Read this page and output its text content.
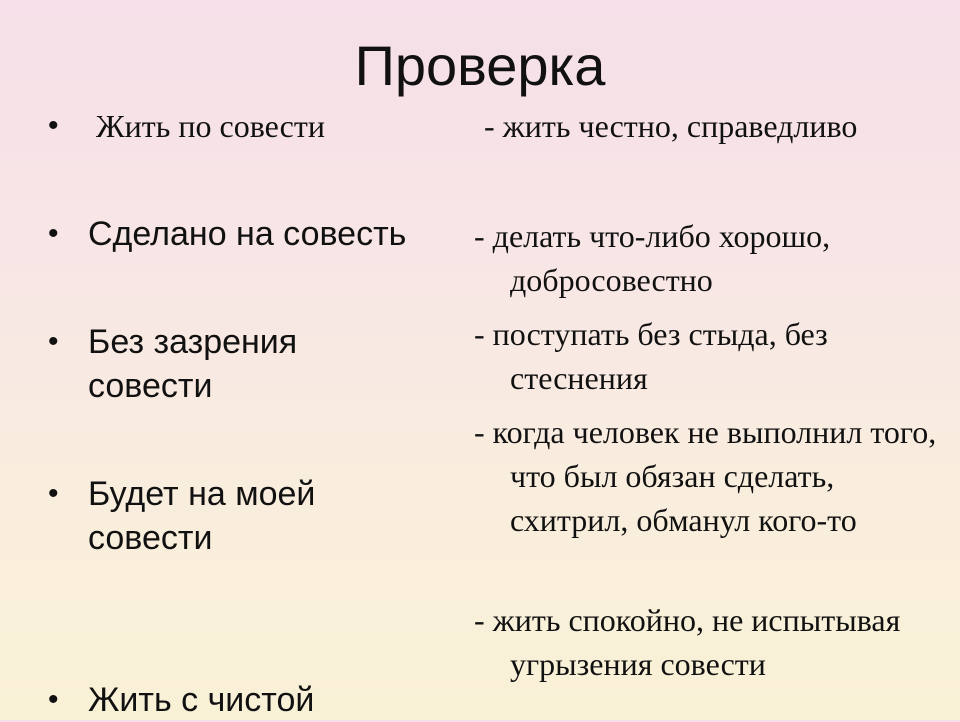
Проверка
• Жить по совести	- жить честно, справедливо
• Сделано на совесть - делать что-либо хорошо, добросовестно
• Без зазрения
совести
- поступать без стыда, без стеснения
• Будет на моей
совести
- когда человек не выполнил того, что был обязан сделать, схитрил, обманул кого-то
• Жить с чистой
- жить спокойно, не испытывая угрызения совести
